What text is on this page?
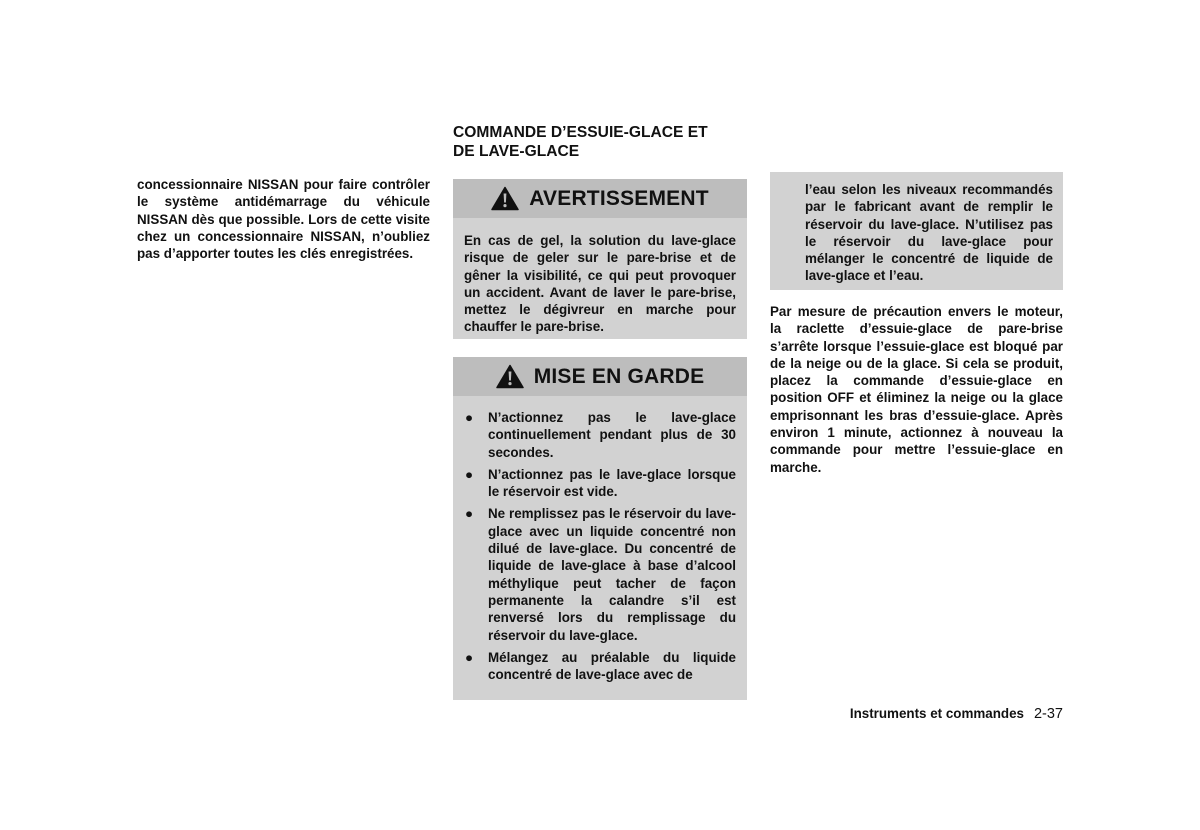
concessionnaire NISSAN pour faire contrôler le système antidémarrage du véhicule NISSAN dès que possible. Lors de cette visite chez un concessionnaire NISSAN, n’oubliez pas d’apporter toutes les clés enregistrées.

COMMANDE D’ESSUIE-GLACE ET
DE LAVE-GLACE
AVERTISSEMENT
En cas de gel, la solution du lave-glace risque de geler sur le pare-brise et de gêner la visibilité, ce qui peut provoquer un accident. Avant de laver le pare-brise, mettez le dégivreur en marche pour chauffer le pare-brise.
MISE EN GARDE
● N’actionnez pas le lave-glace continuellement pendant plus de 30 secondes.
● N’actionnez pas le lave-glace lorsque le réservoir est vide.
● Ne remplissez pas le réservoir du lave-glace avec un liquide concentré non dilué de lave-glace. Du concentré de liquide de lave-glace à base d’alcool méthylique peut tacher de façon permanente la calandre s’il est renversé lors du remplissage du réservoir du lave-glace.
● Mélangez au préalable du liquide concentré de lave-glace avec de
l’eau selon les niveaux recommandés par le fabricant avant de remplir le réservoir du lave-glace. N’utilisez pas le réservoir du lave-glace pour mélanger le concentré de liquide de lave-glace et l’eau.

Par mesure de précaution envers le moteur, la raclette d’essuie-glace de pare-brise s’arrête lorsque l’essuie-glace est bloqué par de la neige ou de la glace. Si cela se produit, placez la commande d’essuie-glace en position OFF et éliminez la neige ou la glace emprisonnant les bras d’essuie-glace. Après environ 1 minute, actionnez à nouveau la commande pour mettre l’essuie-glace en marche.

Instruments et commandes 2-37
